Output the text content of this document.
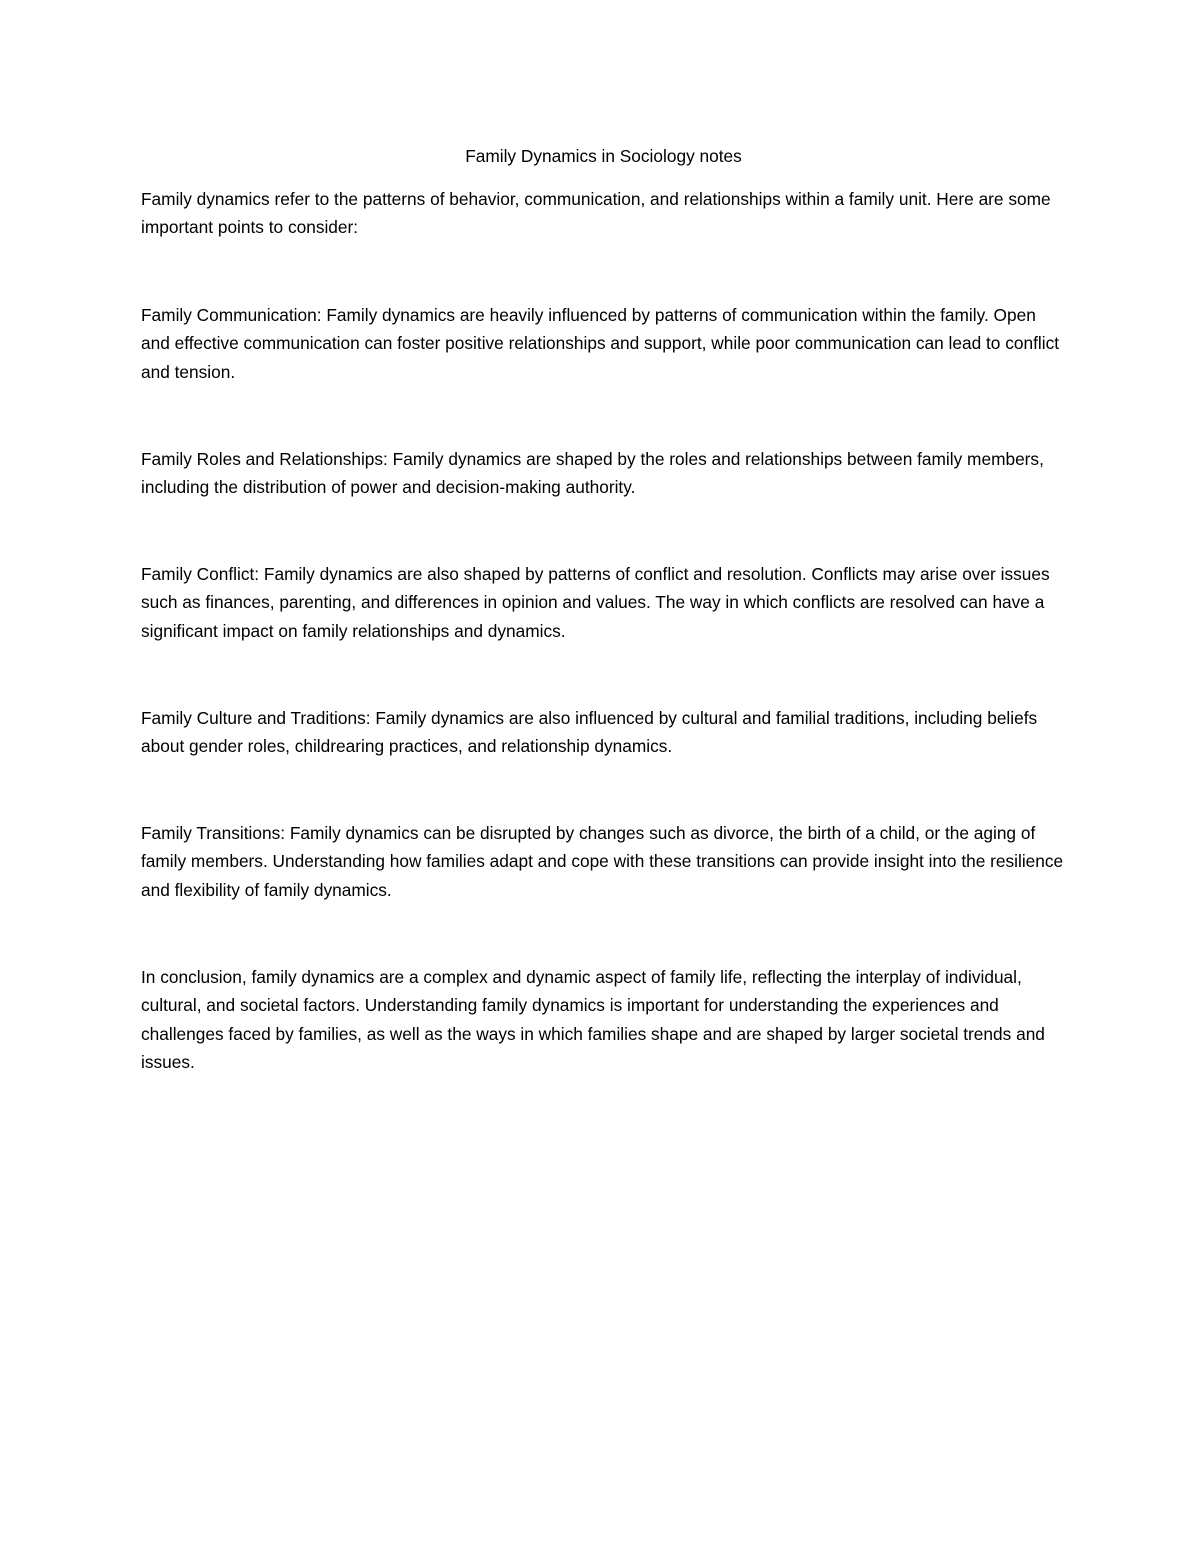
Family Dynamics in Sociology notes

Family dynamics refer to the patterns of behavior, communication, and relationships within a family unit. Here are some important points to consider:

Family Communication: Family dynamics are heavily influenced by patterns of communication within the family. Open and effective communication can foster positive relationships and support, while poor communication can lead to conflict and tension.

Family Roles and Relationships: Family dynamics are shaped by the roles and relationships between family members, including the distribution of power and decision-making authority.

Family Conflict: Family dynamics are also shaped by patterns of conflict and resolution. Conflicts may arise over issues such as finances, parenting, and differences in opinion and values. The way in which conflicts are resolved can have a significant impact on family relationships and dynamics.

Family Culture and Traditions: Family dynamics are also influenced by cultural and familial traditions, including beliefs about gender roles, childrearing practices, and relationship dynamics.

Family Transitions: Family dynamics can be disrupted by changes such as divorce, the birth of a child, or the aging of family members. Understanding how families adapt and cope with these transitions can provide insight into the resilience and flexibility of family dynamics.

In conclusion, family dynamics are a complex and dynamic aspect of family life, reflecting the interplay of individual, cultural, and societal factors. Understanding family dynamics is important for understanding the experiences and challenges faced by families, as well as the ways in which families shape and are shaped by larger societal trends and issues.
